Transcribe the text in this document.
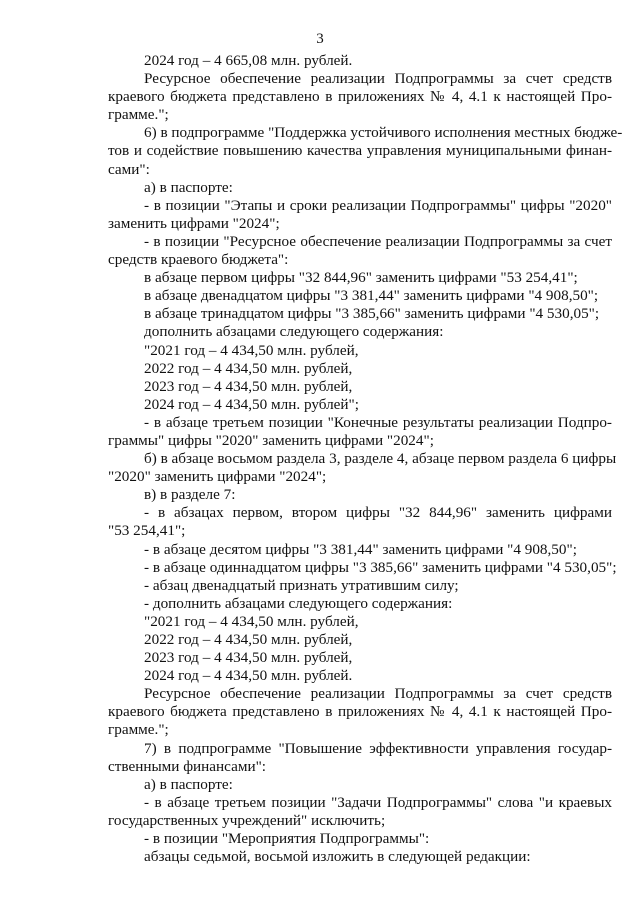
3
2024 год – 4 665,08 млн. рублей.
Ресурсное обеспечение реализации Подпрограммы за счет средств
краевого бюджета представлено в приложениях № 4, 4.1 к настоящей Про-
грамме.";
6) в подпрограмме "Поддержка устойчивого исполнения местных бюдже-
тов и содействие повышению качества управления муниципальными финан-
сами":
а) в паспорте:
- в позиции "Этапы и сроки реализации Подпрограммы" цифры "2020"
заменить цифрами "2024";
- в позиции "Ресурсное обеспечение реализации Подпрограммы за счет
средств краевого бюджета":
в абзаце первом цифры "32 844,96" заменить цифрами "53 254,41";
в абзаце двенадцатом цифры "3 381,44" заменить цифрами "4 908,50";
в абзаце тринадцатом цифры "3 385,66" заменить цифрами "4 530,05";
дополнить абзацами следующего содержания:
"2021 год – 4 434,50 млн. рублей,
2022 год – 4 434,50 млн. рублей,
2023 год – 4 434,50 млн. рублей,
2024 год – 4 434,50 млн. рублей";
- в абзаце третьем позиции "Конечные результаты реализации Подпро-
граммы" цифры "2020" заменить цифрами "2024";
б) в абзаце восьмом раздела 3, разделе 4, абзаце первом раздела 6 цифры
"2020" заменить цифрами "2024";
в) в разделе 7:
- в абзацах первом, втором цифры "32 844,96" заменить цифрами
"53 254,41";
- в абзаце десятом цифры "3 381,44" заменить цифрами "4 908,50";
- в абзаце одиннадцатом цифры "3 385,66" заменить цифрами "4 530,05";
- абзац двенадцатый признать утратившим силу;
- дополнить абзацами следующего содержания:
"2021 год – 4 434,50 млн. рублей,
2022 год – 4 434,50 млн. рублей,
2023 год – 4 434,50 млн. рублей,
2024 год – 4 434,50 млн. рублей.
Ресурсное обеспечение реализации Подпрограммы за счет средств
краевого бюджета представлено в приложениях № 4, 4.1 к настоящей Про-
грамме.";
7) в подпрограмме "Повышение эффективности управления государ-
ственными финансами":
а) в паспорте:
- в абзаце третьем позиции "Задачи Подпрограммы" слова "и краевых
государственных учреждений" исключить;
- в позиции "Мероприятия Подпрограммы":
абзацы седьмой, восьмой изложить в следующей редакции:
